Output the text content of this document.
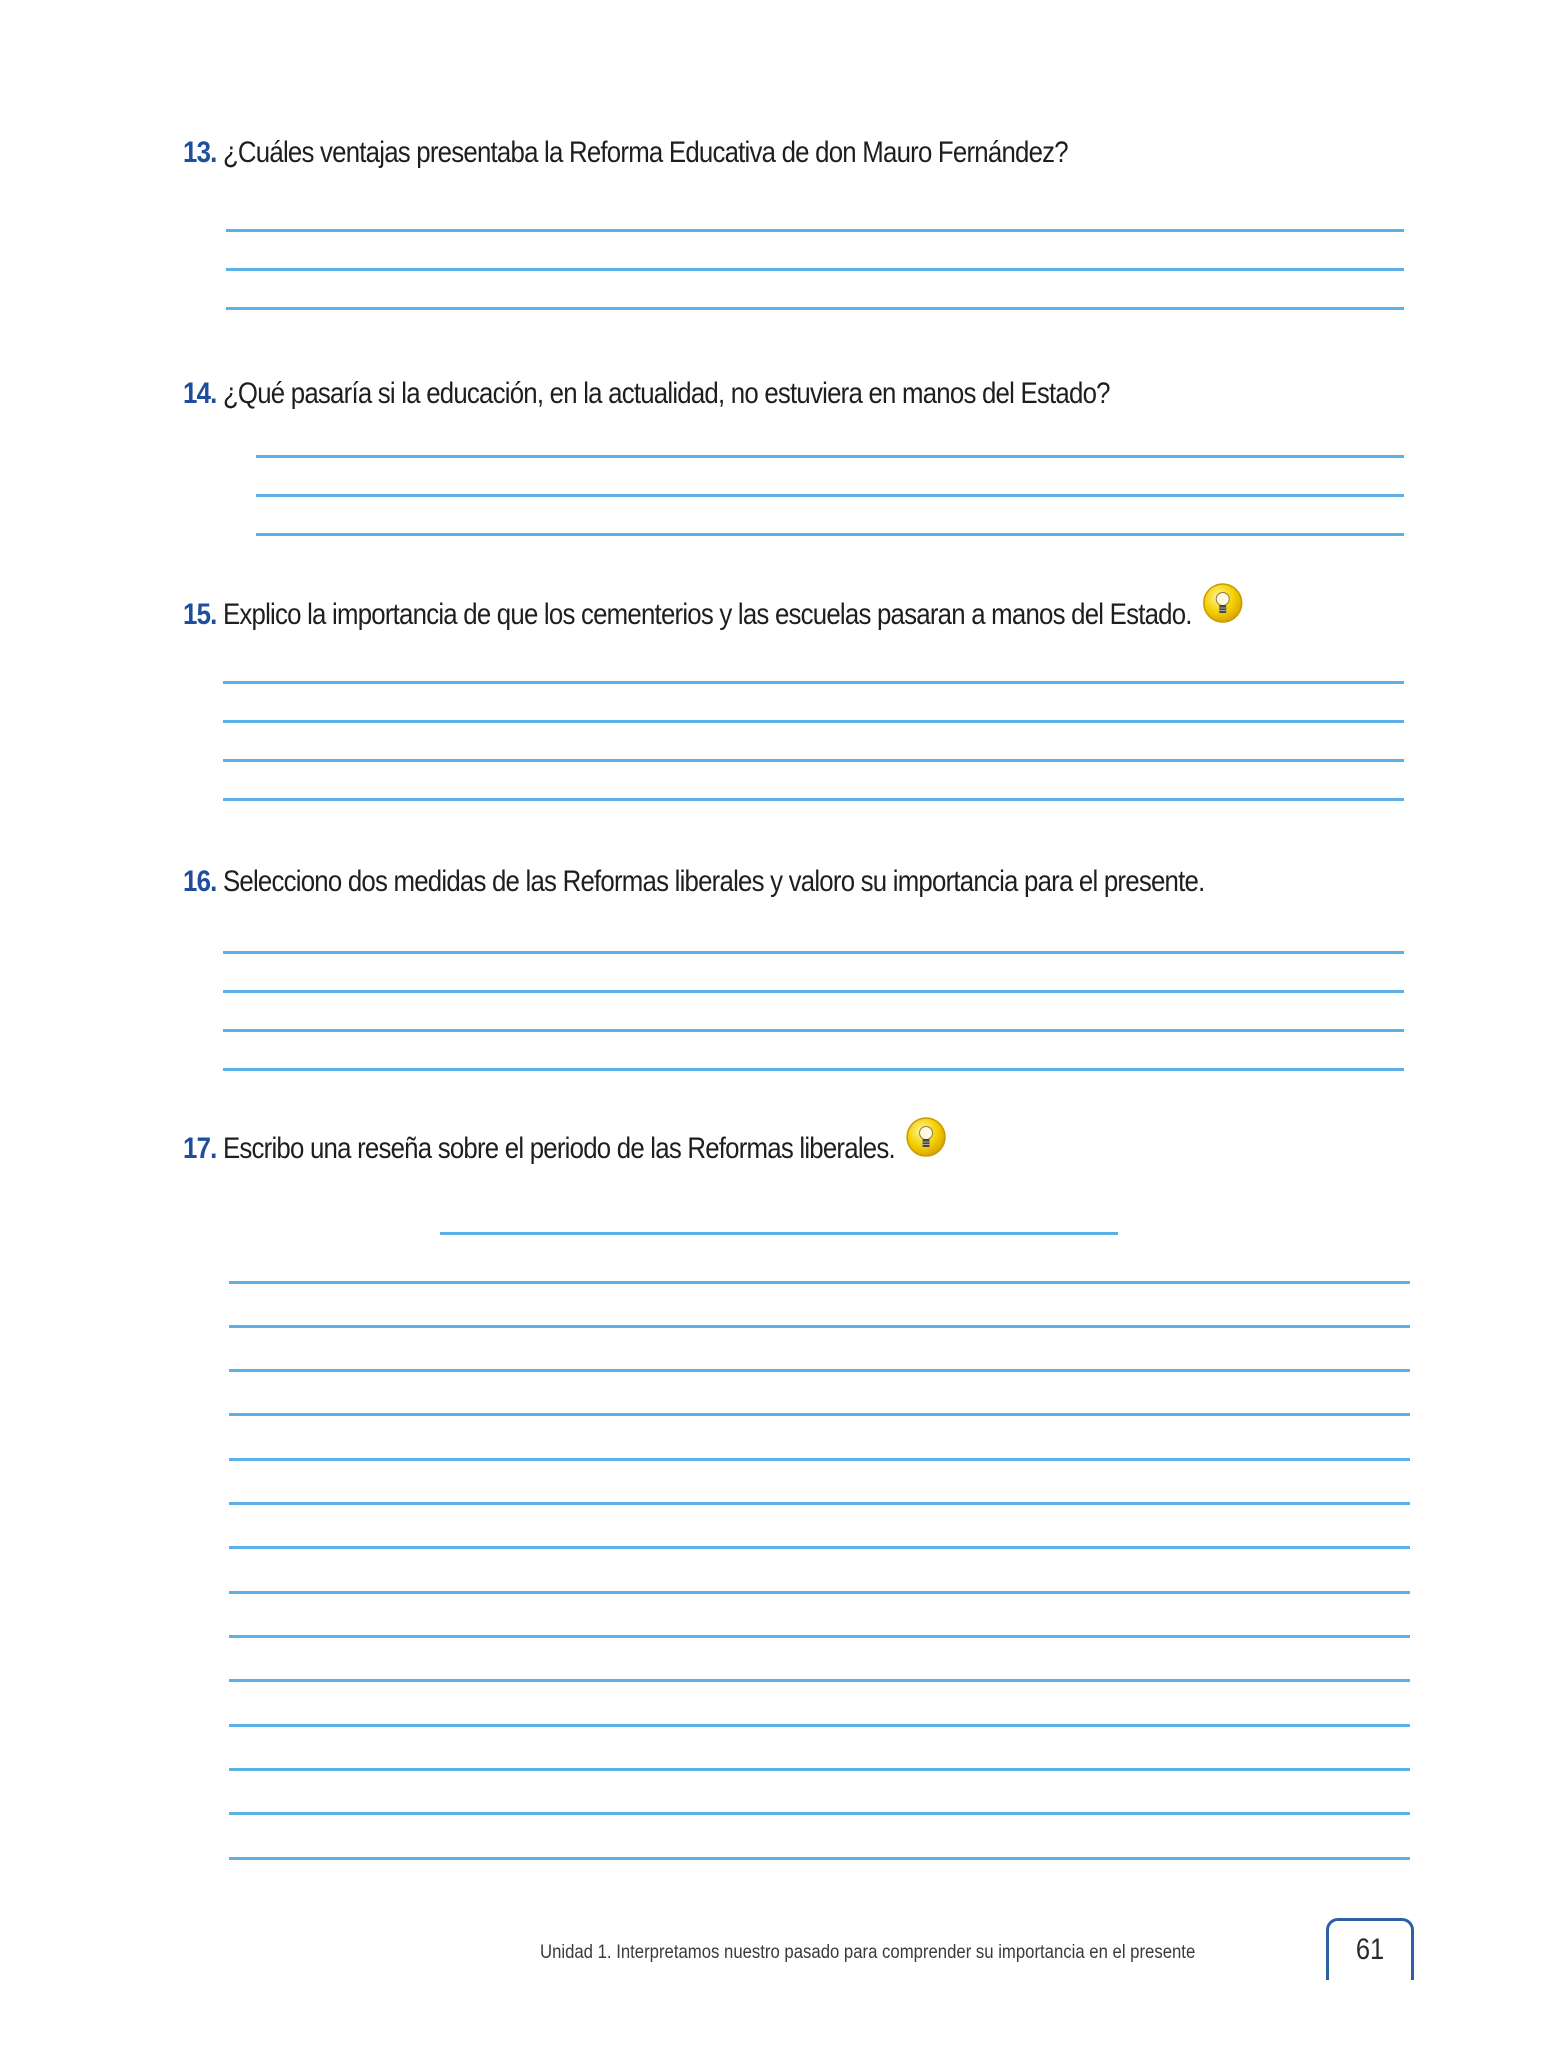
13. ¿Cuáles ventajas presentaba la Reforma Educativa de don Mauro Fernández?
14. ¿Qué pasaría si la educación, en la actualidad, no estuviera en manos del Estado?
15. Explico la importancia de que los cementerios y las escuelas pasaran a manos del Estado.
16. Selecciono dos medidas de las Reformas liberales y valoro su importancia para el presente.
17. Escribo una reseña sobre el periodo de las Reformas liberales.
Unidad 1. Interpretamos nuestro pasado para comprender su importancia en el presente	61
